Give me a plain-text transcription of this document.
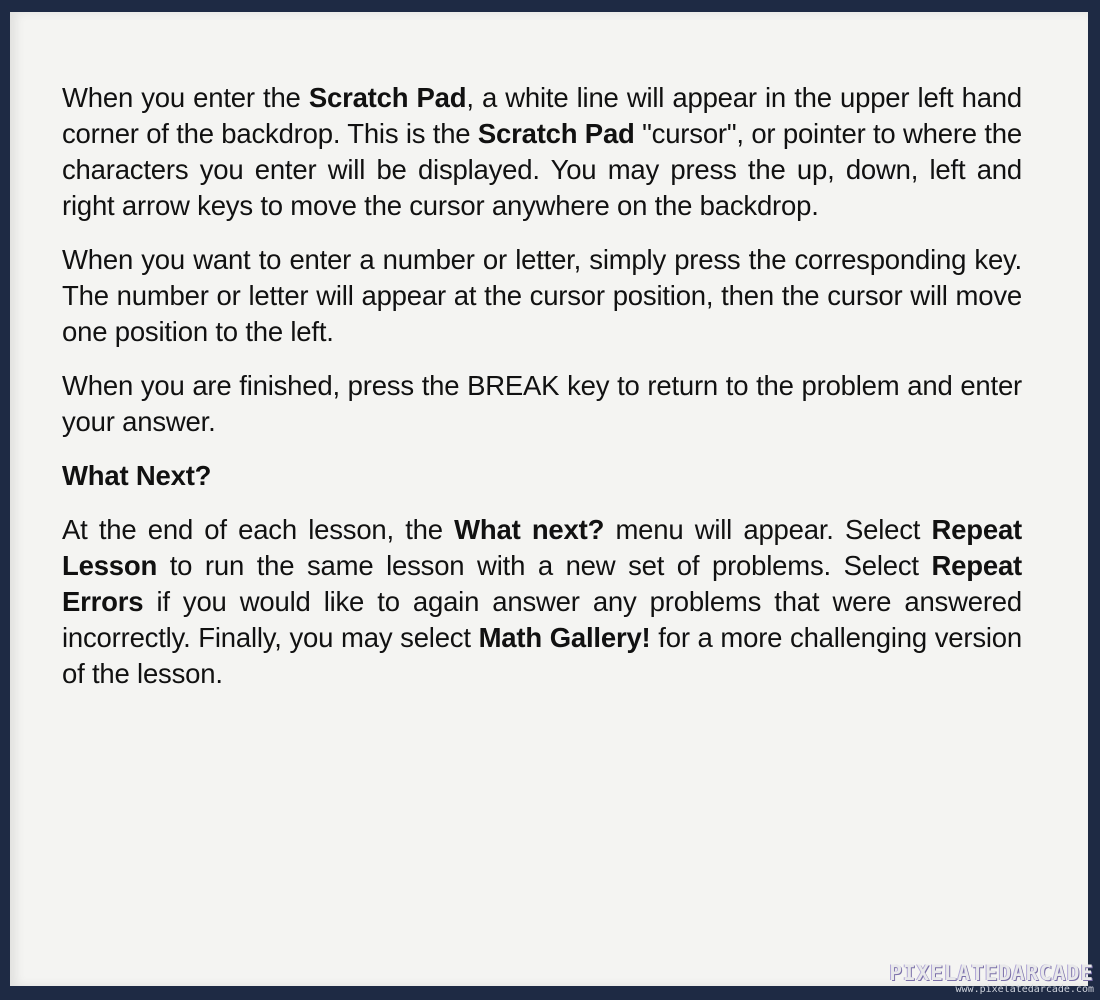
When you enter the Scratch Pad, a white line will appear in the upper left hand corner of the backdrop. This is the Scratch Pad "cursor", or pointer to where the characters you enter will be displayed. You may press the up, down, left and right arrow keys to move the cursor anywhere on the backdrop.

When you want to enter a number or letter, simply press the corresponding key. The number or letter will appear at the cursor position, then the cursor will move one position to the left.

When you are finished, press the BREAK key to return to the problem and enter your answer.

What Next?

At the end of each lesson, the What next? menu will appear. Select Repeat Lesson to run the same lesson with a new set of problems. Select Repeat Errors if you would like to again answer any problems that were answered incorrectly. Finally, you may select Math Gallery! for a more challenging version of the lesson.

PIXELATEDARCADE
www.pixelatedarcade.com
